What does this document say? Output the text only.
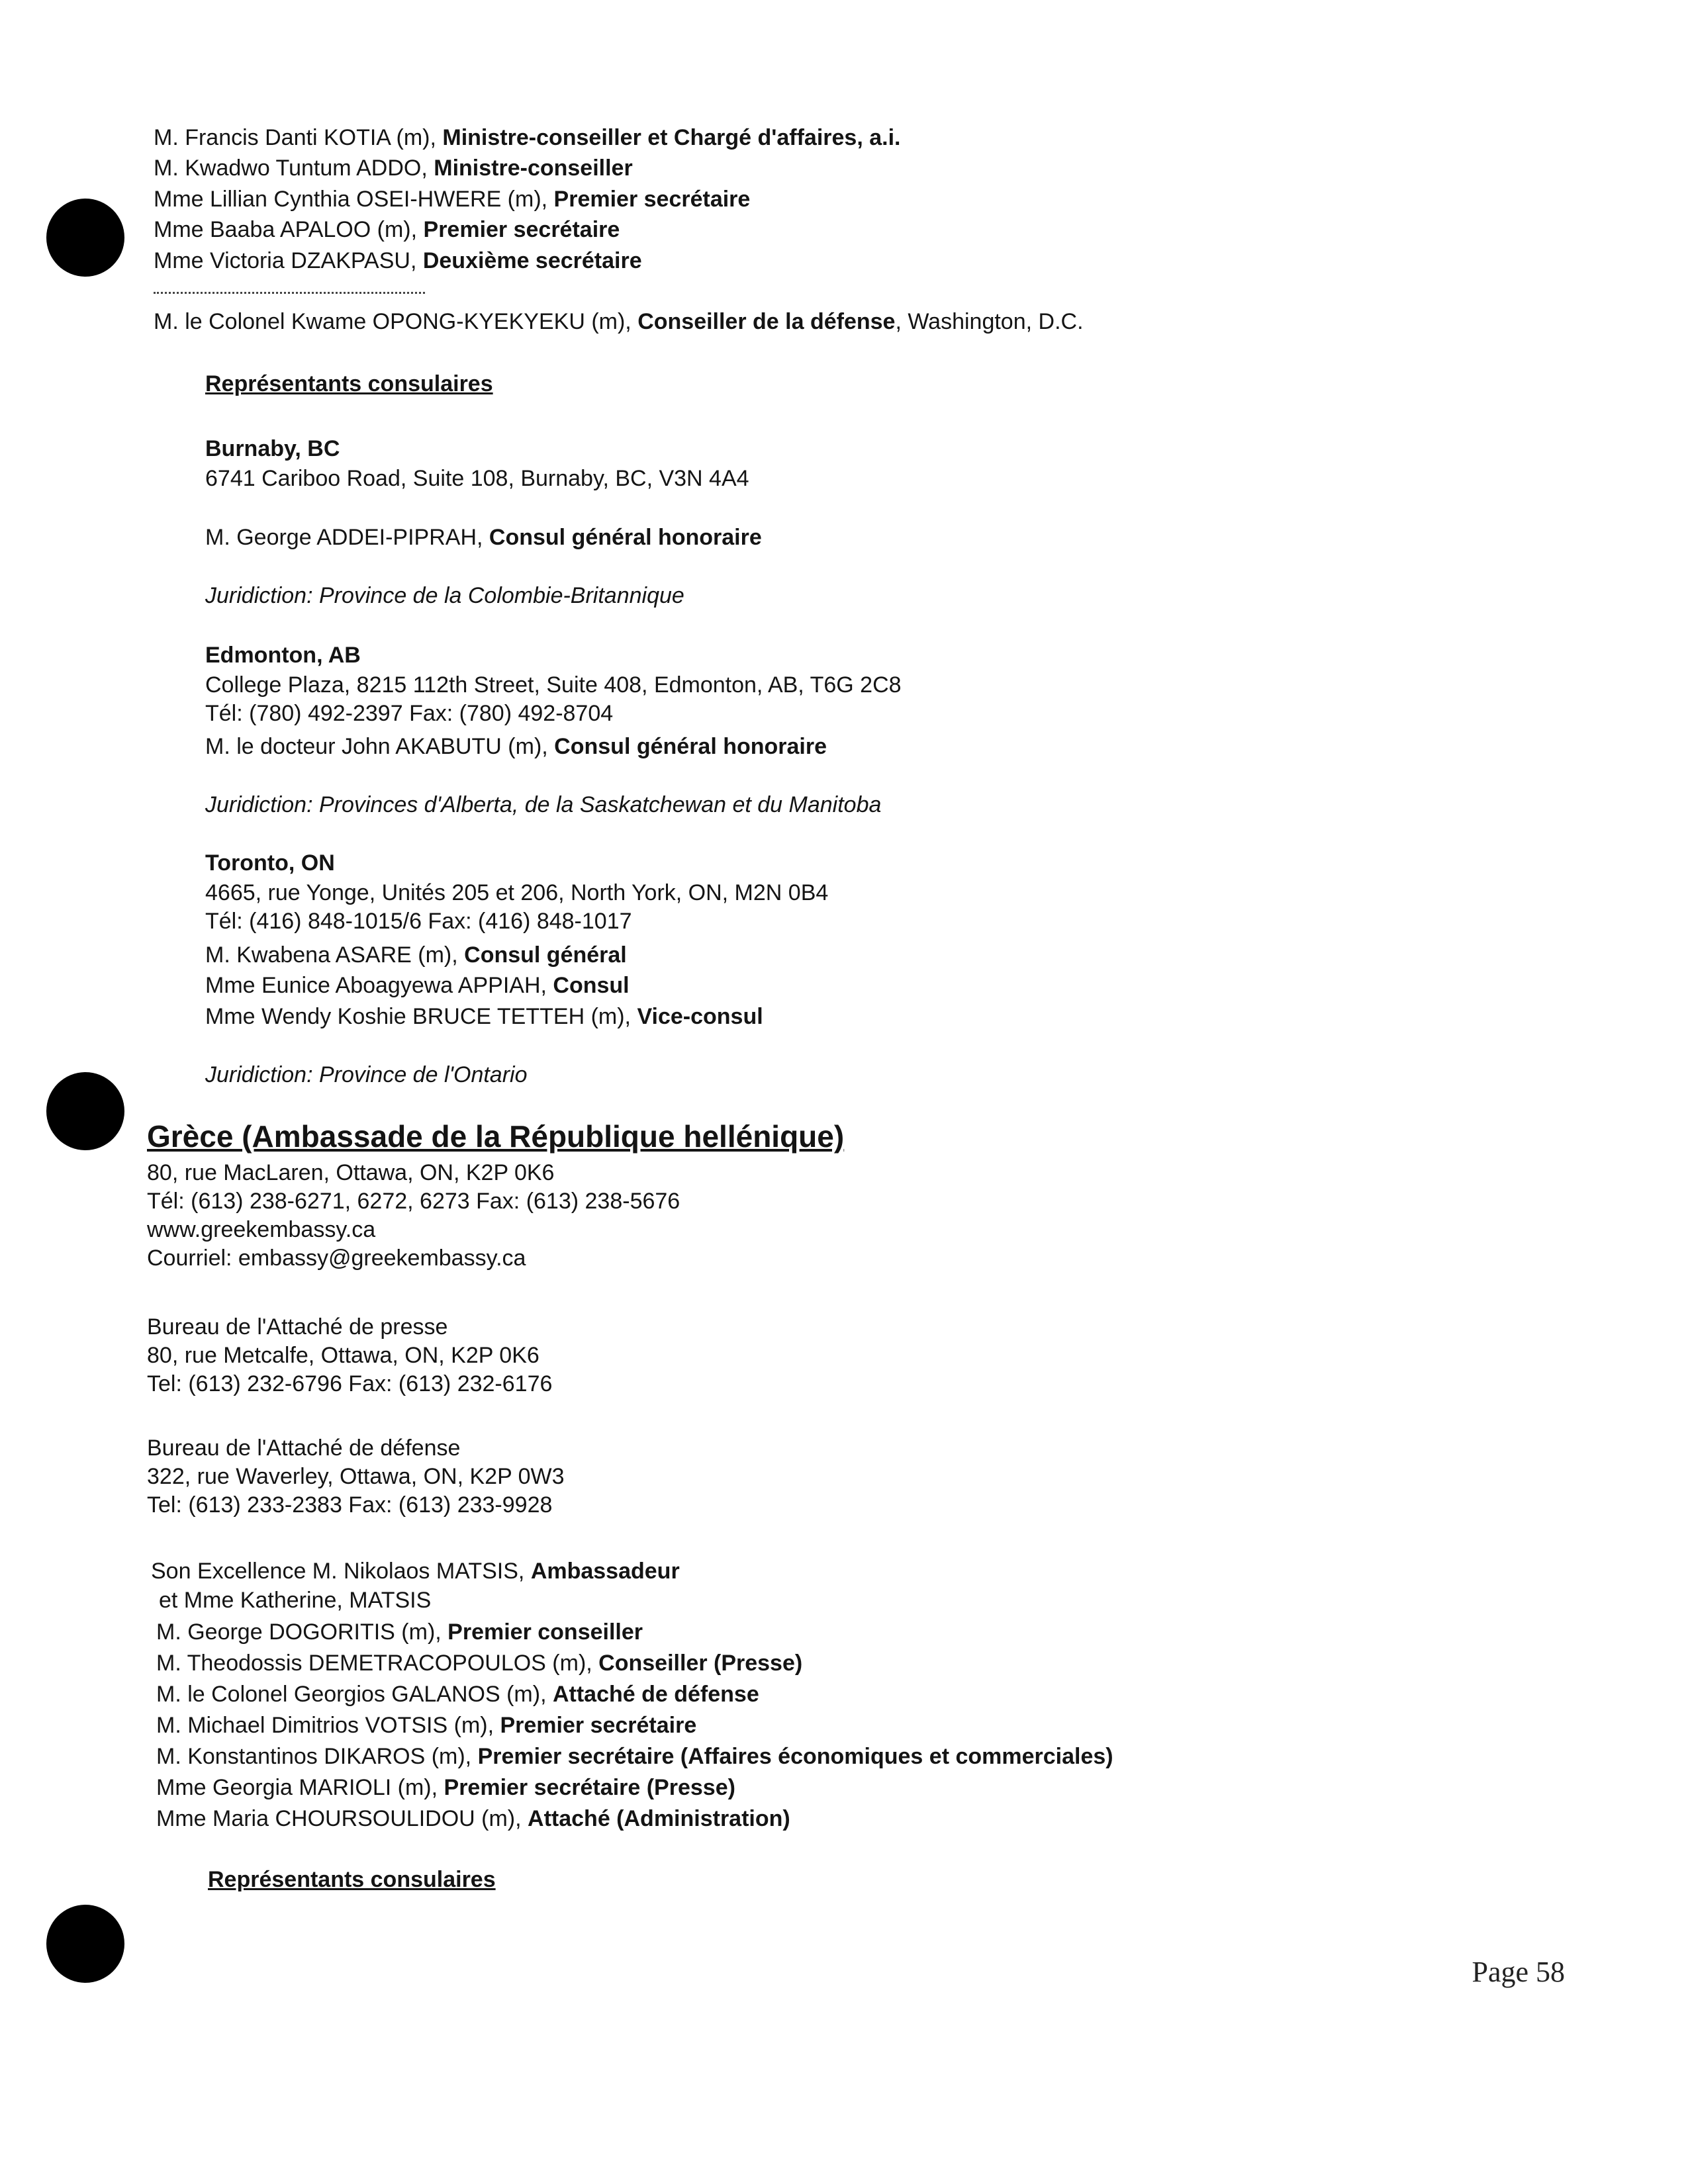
M. Francis Danti KOTIA (m), Ministre-conseiller et Chargé d'affaires, a.i.
M. Kwadwo Tuntum ADDO, Ministre-conseiller
Mme Lillian Cynthia OSEI-HWERE (m), Premier secrétaire
Mme Baaba APALOO (m), Premier secrétaire
Mme Victoria DZAKPASU, Deuxième secrétaire
M. le Colonel Kwame OPONG-KYEKYEKU (m), Conseiller de la défense, Washington, D.C.
Représentants consulaires
Burnaby, BC
6741 Cariboo Road, Suite 108, Burnaby, BC, V3N 4A4
M. George ADDEI-PIPRAH, Consul général honoraire
Juridiction: Province de la Colombie-Britannique
Edmonton, AB
College Plaza, 8215 112th Street, Suite 408, Edmonton, AB, T6G 2C8
Tél: (780) 492-2397 Fax: (780) 492-8704
M. le docteur John AKABUTU (m), Consul général honoraire
Juridiction: Provinces d'Alberta, de la Saskatchewan et du Manitoba
Toronto, ON
4665, rue Yonge, Unités 205 et 206, North York, ON, M2N 0B4
Tél: (416) 848-1015/6 Fax: (416) 848-1017
M. Kwabena ASARE (m), Consul général
Mme Eunice Aboagyewa APPIAH, Consul
Mme Wendy Koshie BRUCE TETTEH (m), Vice-consul
Juridiction: Province de l'Ontario
Grèce (Ambassade de la République hellénique)
80, rue MacLaren, Ottawa, ON, K2P 0K6
Tél: (613) 238-6271, 6272, 6273 Fax: (613) 238-5676
www.greekembassy.ca
Courriel: embassy@greekembassy.ca
Bureau de l'Attaché de presse
80, rue Metcalfe, Ottawa, ON, K2P 0K6
Tel: (613) 232-6796 Fax: (613) 232-6176
Bureau de l'Attaché de défense
322, rue Waverley, Ottawa, ON, K2P 0W3
Tel: (613) 233-2383 Fax: (613) 233-9928
Son Excellence M. Nikolaos MATSIS, Ambassadeur
et Mme Katherine, MATSIS
M. George DOGORITIS (m), Premier conseiller
M. Theodossis DEMETRACOPOULOS (m), Conseiller (Presse)
M. le Colonel Georgios GALANOS (m), Attaché de défense
M. Michael Dimitrios VOTSIS (m), Premier secrétaire
M. Konstantinos DIKAROS (m), Premier secrétaire (Affaires économiques et commerciales)
Mme Georgia MARIOLI (m), Premier secrétaire (Presse)
Mme Maria CHOURSOULIDOU (m), Attaché (Administration)
Représentants consulaires
Page 58
